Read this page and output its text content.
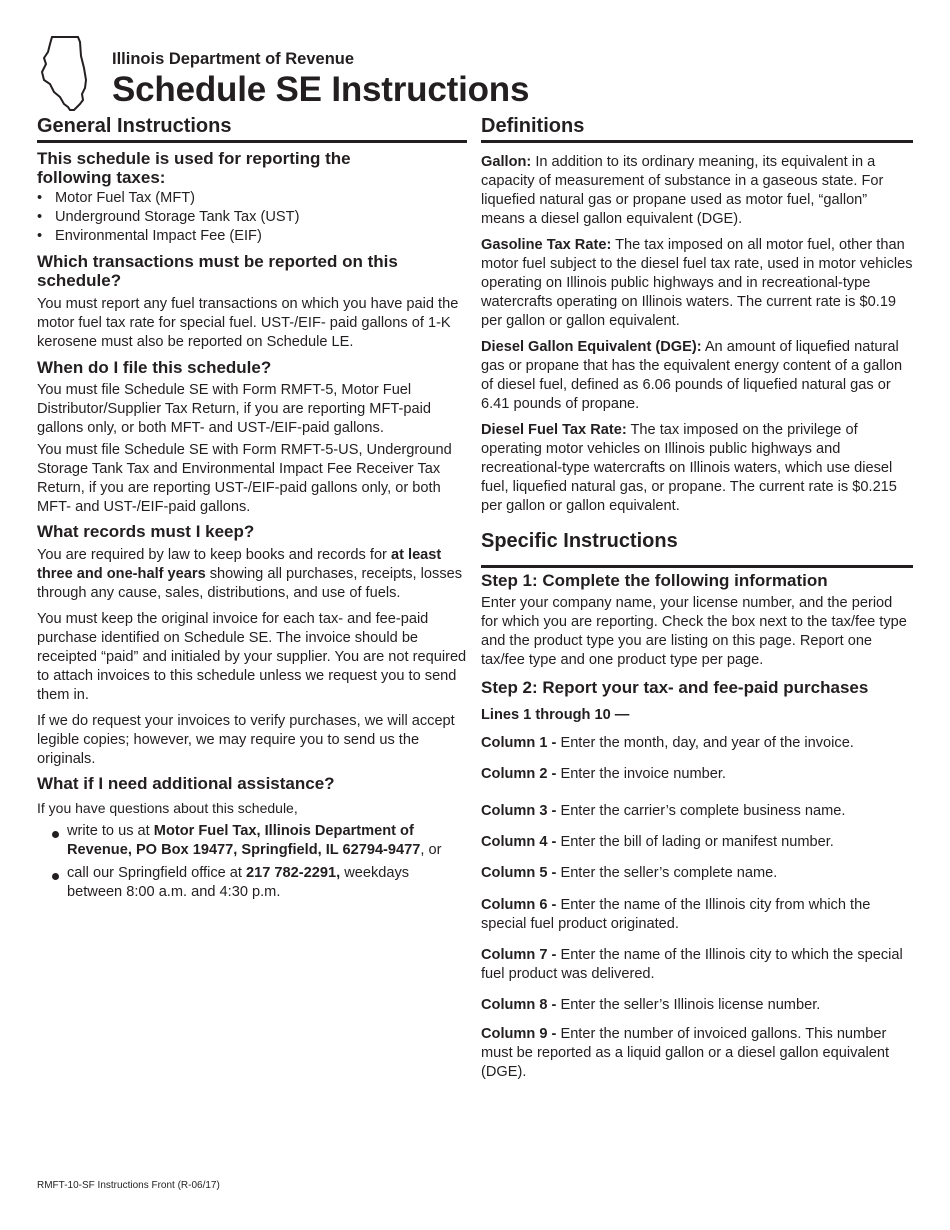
Illinois Department of Revenue
Schedule SE Instructions
General Instructions
This schedule is used for reporting the following taxes:
• Motor Fuel Tax (MFT)
• Underground Storage Tank Tax (UST)
• Environmental Impact Fee (EIF)
Which transactions must be reported on this schedule?

You must report any fuel transactions on which you have paid the motor fuel tax rate for special fuel. UST-/EIF- paid gallons of 1-K kerosene must also be reported on Schedule LE.

When do I file this schedule?

You must file Schedule SE with Form RMFT-5, Motor Fuel Distributor/Supplier Tax Return, if you are reporting MFT-paid gallons only, or both MFT- and UST-/EIF-paid gallons.

You must file Schedule SE with Form RMFT-5-US, Underground Storage Tank Tax and Environmental Impact Fee Receiver Tax Return, if you are reporting UST-/EIF-paid gallons only, or both MFT- and UST-/EIF-paid gallons.

What records must I keep?

You are required by law to keep books and records for at least three and one-half years showing all purchases, receipts, losses through any cause, sales, distributions, and use of fuels.

You must keep the original invoice for each tax- and fee-paid purchase identified on Schedule SE. The invoice should be receipted “paid” and initialed by your supplier. You are not required to attach invoices to this schedule unless we request you to send them in.

If we do request your invoices to verify purchases, we will accept legible copies; however, we may require you to send us the originals.

What if I need additional assistance?

If you have questions about this schedule,

write to us at Motor Fuel Tax, Illinois Department of Revenue, PO Box 19477, Springfield, IL 62794-9477, or
call our Springfield office at 217 782-2291, weekdays between 8:00 a.m. and 4:30 p.m.
Definitions

Gallon: In addition to its ordinary meaning, its equivalent in a capacity of measurement of substance in a gaseous state. For liquefied natural gas or propane used as motor fuel, “gallon” means a diesel gallon equivalent (DGE).

Gasoline Tax Rate: The tax imposed on all motor fuel, other than motor fuel subject to the diesel fuel tax rate, used in motor vehicles operating on Illinois public highways and in recreational-type watercrafts operating on Illinois waters. The current rate is $0.19 per gallon or gallon equivalent.

Diesel Gallon Equivalent (DGE): An amount of liquefied natural gas or propane that has the equivalent energy content of a gallon of diesel fuel, defined as 6.06 pounds of liquefied natural gas or 6.41 pounds of propane.

Diesel Fuel Tax Rate: The tax imposed on the privilege of operating motor vehicles on Illinois public highways and recreational-type watercrafts on Illinois waters, which use diesel fuel, liquefied natural gas, or propane. The current rate is $0.215 per gallon or gallon equivalent.

Specific Instructions
Step 1: Complete the following information

Enter your company name, your license number, and the period for which you are reporting. Check the box next to the tax/fee type and the product type you are listing on this page. Report one tax/fee type and one product type per page.

Step 2: Report your tax- and fee-paid purchases

Lines 1 through 10 —

Column 1 - Enter the month, day, and year of the invoice.

Column 2 - Enter the invoice number.

Column 3 - Enter the carrier’s complete business name.

Column 4 - Enter the bill of lading or manifest number.

Column 5 - Enter the seller’s complete name.

Column 6 - Enter the name of the Illinois city from which the special fuel product originated.

Column 7 - Enter the name of the Illinois city to which the special fuel product was delivered.

Column 8 - Enter the seller’s Illinois license number.

Column 9 - Enter the number of invoiced gallons. This number must be reported as a liquid gallon or a diesel gallon equivalent (DGE).

RMFT-10-SF Instructions Front (R-06/17)
